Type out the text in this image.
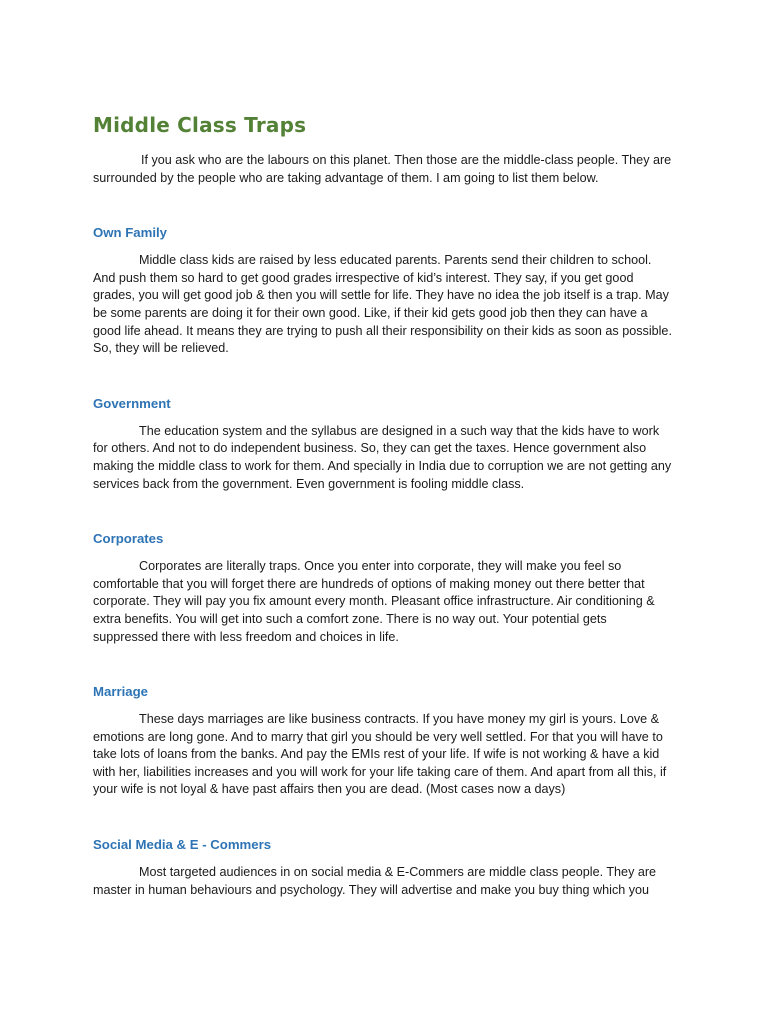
Middle Class Traps

If you ask who are the labours on this planet. Then those are the middle-class people. They are surrounded by the people who are taking advantage of them. I am going to list them below.

Own Family

Middle class kids are raised by less educated parents. Parents send their children to school. And push them so hard to get good grades irrespective of kid’s interest. They say, if you get good grades, you will get good job & then you will settle for life. They have no idea the job itself is a trap. May be some parents are doing it for their own good. Like, if their kid gets good job then they can have a good life ahead. It means they are trying to push all their responsibility on their kids as soon as possible. So, they will be relieved.

Government

The education system and the syllabus are designed in a such way that the kids have to work for others. And not to do independent business. So, they can get the taxes. Hence government also making the middle class to work for them. And specially in India due to corruption we are not getting any services back from the government. Even government is fooling middle class.

Corporates

Corporates are literally traps. Once you enter into corporate, they will make you feel so comfortable that you will forget there are hundreds of options of making money out there better that corporate. They will pay you fix amount every month. Pleasant office infrastructure. Air conditioning & extra benefits. You will get into such a comfort zone. There is no way out. Your potential gets suppressed there with less freedom and choices in life.

Marriage

These days marriages are like business contracts. If you have money my girl is yours. Love & emotions are long gone. And to marry that girl you should be very well settled. For that you will have to take lots of loans from the banks. And pay the EMIs rest of your life. If wife is not working & have a kid with her, liabilities increases and you will work for your life taking care of them. And apart from all this, if your wife is not loyal & have past affairs then you are dead. (Most cases now a days)

Social Media & E - Commers

Most targeted audiences in on social media & E-Commers are middle class people. They are master in human behaviours and psychology. They will advertise and make you buy thing which you
